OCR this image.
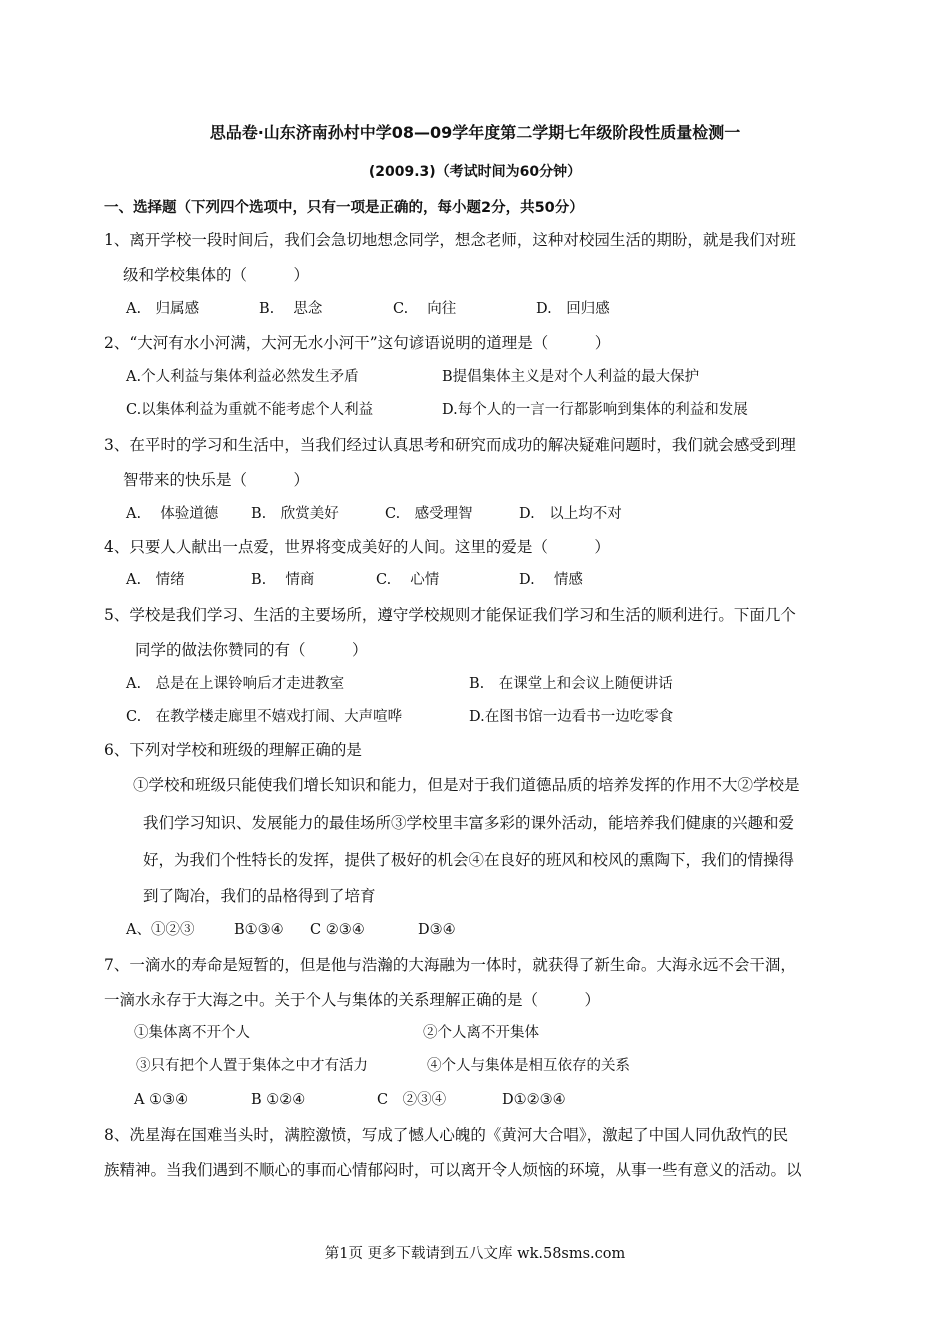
思品卷·山东济南孙村中学08—09学年度第二学期七年级阶段性质量检测一
(2009.3)（考试时间为60分钟）
一、选择题（下列四个选项中，只有一项是正确的，每小题2分，共50分）
1、离开学校一段时间后，我们会急切地想念同学，想念老师，这种对校园生活的期盼，就是我们对班
级和学校集体的（　　　）
A.　归属感	B.　 思念	C.　 向往	D.　回归感
2、“大河有水小河满，大河无水小河干”这句谚语说明的道理是（　　　）
A.个人利益与集体利益必然发生矛盾	B提倡集体主义是对个人利益的最大保护
C.以集体利益为重就不能考虑个人利益	D.每个人的一言一行都影响到集体的利益和发展
3、在平时的学习和生活中，当我们经过认真思考和研究而成功的解决疑难问题时，我们就会感受到理
智带来的快乐是（　　　）
A.　 体验道德 B.　欣赏美好	C.　感受理智	D.　以上均不对
4、只要人人献出一点爱，世界将变成美好的人间。这里的爱是（　　　）
A.　情绪	B.　 情商	C.　 心情	D.　 情感
5、学校是我们学习、生活的主要场所，遵守学校规则才能保证我们学习和生活的顺利进行。下面几个
同学的做法你赞同的有（　　　）
A.　总是在上课铃响后才走进教室	B.　在课堂上和会议上随便讲话
C.　在教学楼走廊里不嬉戏打闹、大声喧哗	D.在图书馆一边看书一边吃零食
6、下列对学校和班级的理解正确的是
①学校和班级只能使我们增长知识和能力，但是对于我们道德品质的培养发挥的作用不大②学校是
我们学习知识、发展能力的最佳场所③学校里丰富多彩的课外活动，能培养我们健康的兴趣和爱
好，为我们个性特长的发挥，提供了极好的机会④在良好的班风和校风的熏陶下，我们的情操得
到了陶冶，我们的品格得到了培育
A、①②③	B①③④ C ②③④	D③④
7、一滴水的寿命是短暂的，但是他与浩瀚的大海融为一体时，就获得了新生命。大海永远不会干涸，
一滴水永存于大海之中。关于个人与集体的关系理解正确的是（　　　）
①集体离不开个人	②个人离不开集体
③只有把个人置于集体之中才有活力	④个人与集体是相互依存的关系
A ①③④	B ①②④	C　②③④	D①②③④
8、冼星海在国难当头时，满腔激愤，写成了憾人心魄的《黄河大合唱》，激起了中国人同仇敌忾的民
族精神。当我们遇到不顺心的事而心情郁闷时，可以离开令人烦恼的环境，从事一些有意义的活动。以
第1页 更多下载请到五八文库 wk.58sms.com
